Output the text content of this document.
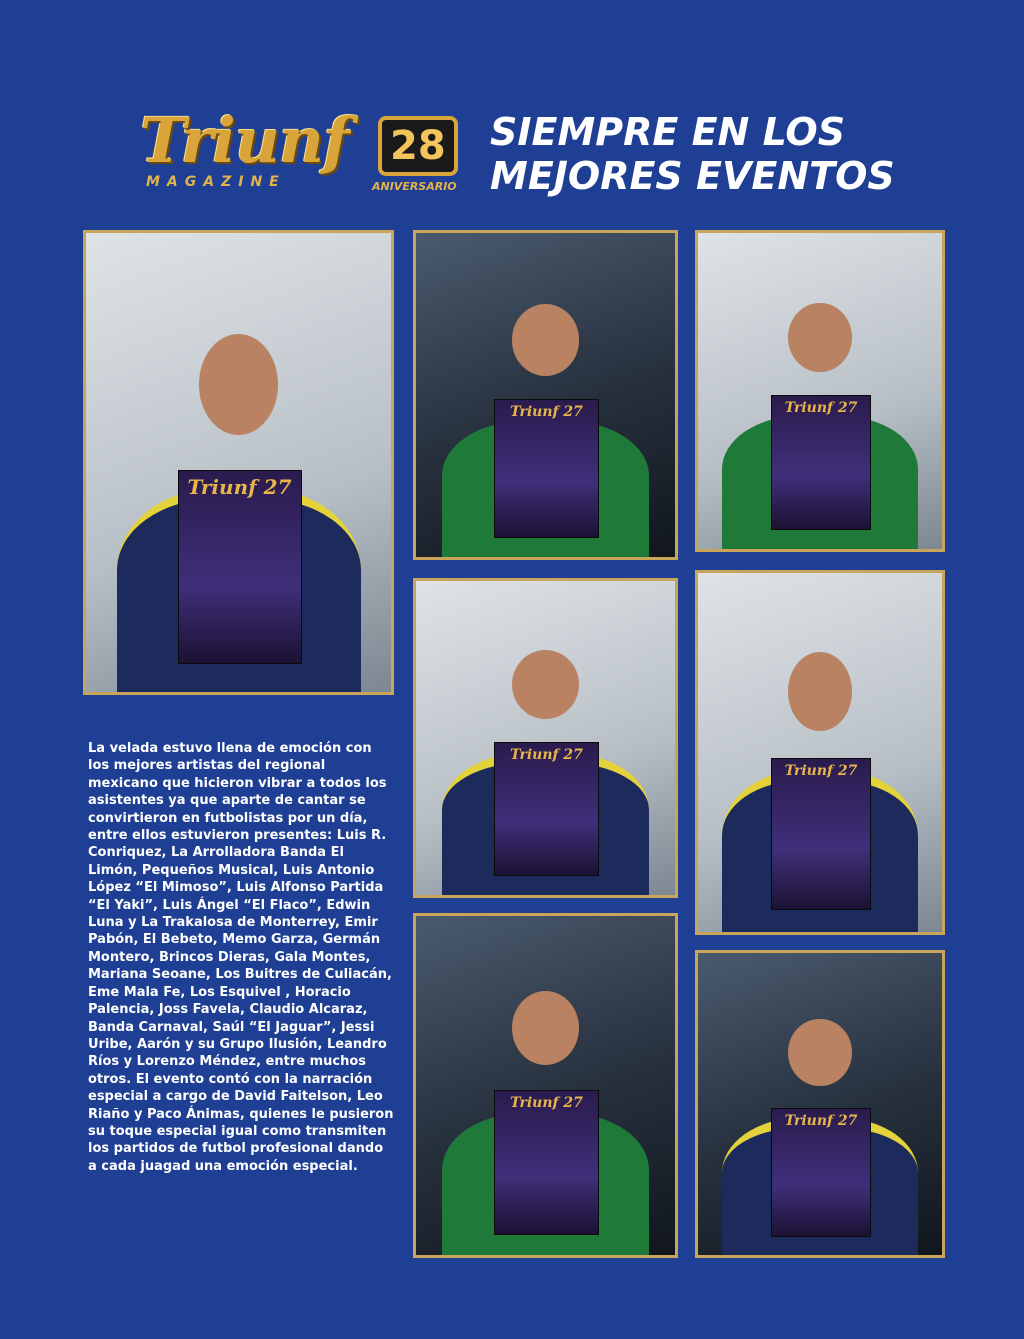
Triunf	28
MAGAZINE	ANIVERSARIO
SIEMPRE EN LOS MEJORES EVENTOS
Triunf 27
Triunf 27	Triunf 27
Triunf 27
Triunf 27
Triunf 27
Triunf 27

La velada estuvo llena de emoción con los mejores artistas del regional mexicano que hicieron vibrar a todos los asistentes ya que aparte de cantar se convirtieron en futbolistas por un día, entre ellos estuvieron presentes: Luis R. Conriquez, La Arrolladora Banda El Limón, Pequeños Musical, Luis Antonio López “El Mimoso”, Luis Alfonso Partida “El Yaki”, Luis Ángel “El Flaco”, Edwin Luna y La Trakalosa de Monterrey, Emir Pabón, El Bebeto, Memo Garza, Germán Montero, Brincos Dieras, Gala Montes, Mariana Seoane, Los Buitres de Culiacán, Eme Mala Fe, Los Esquivel , Horacio Palencia, Joss Favela, Claudio Alcaraz, Banda Carnaval, Saúl “El Jaguar”, Jessi Uribe, Aarón y su Grupo Ilusión, Leandro Ríos y Lorenzo Méndez, entre muchos otros. El evento contó con la narración especial a cargo de David Faitelson, Leo Riaño y Paco Ánimas, quienes le pusieron su toque especial igual como transmiten los partidos de futbol profesional dando a cada juagad una emoción especial.
